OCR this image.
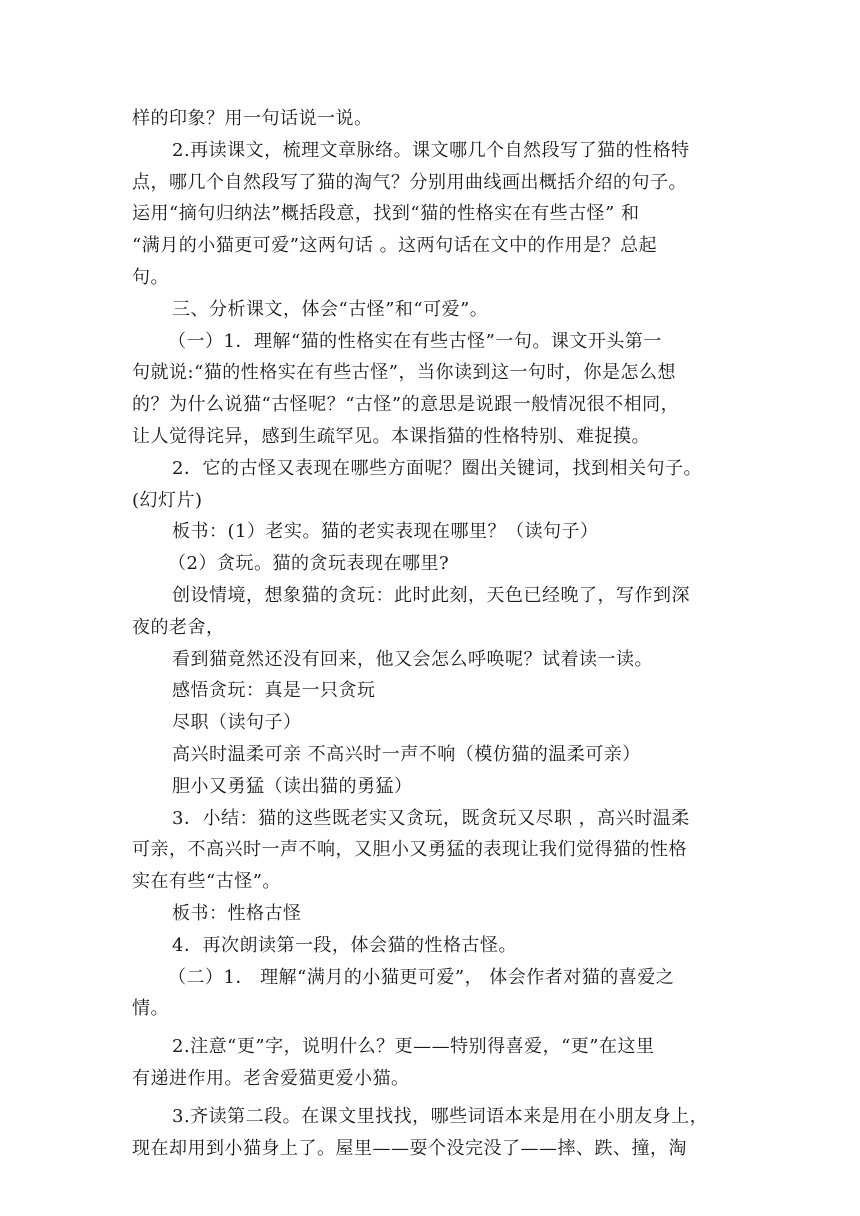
样的印象？用一句话说一说。
2.再读课文，梳理文章脉络。课文哪几个自然段写了猫的性格特
点，哪几个自然段写了猫的淘气？分别用曲线画出概括介绍的句子。
运用“摘句归纳法”概括段意，找到“猫的性格实在有些古怪” 和
“满月的小猫更可爱”这两句话 。这两句话在文中的作用是？总起
句。
三、分析课文，体会“古怪”和“可爱”。
（一）1．理解“猫的性格实在有些古怪”一句。课文开头第一
句就说:“猫的性格实在有些古怪”，当你读到这一句时，你是怎么想
的？为什么说猫“古怪呢？“古怪”的意思是说跟一般情况很不相同，
让人觉得诧异，感到生疏罕见。本课指猫的性格特别、难捉摸。
2．它的古怪又表现在哪些方面呢？圈出关键词，找到相关句子。
(幻灯片)
板书：(1）老实。猫的老实表现在哪里？（读句子）
（2）贪玩。猫的贪玩表现在哪里?
创设情境，想象猫的贪玩：此时此刻，天色已经晚了，写作到深
夜的老舍，
看到猫竟然还没有回来，他又会怎么呼唤呢？试着读一读。
感悟贪玩：真是一只贪玩
尽职（读句子）
高兴时温柔可亲 不高兴时一声不响（模仿猫的温柔可亲）
胆小又勇猛（读出猫的勇猛）
3．小结：猫的这些既老实又贪玩，既贪玩又尽职 ，高兴时温柔
可亲，不高兴时一声不响，又胆小又勇猛的表现让我们觉得猫的性格
实在有些“古怪”。
板书：性格古怪
4．再次朗读第一段，体会猫的性格古怪。
（二）1． 理解“满月的小猫更可爱”， 体会作者对猫的喜爱之
情。
2.注意“更”字，说明什么？更——特别得喜爱，“更”在这里
有递进作用。老舍爱猫更爱小猫。
3.齐读第二段。在课文里找找，哪些词语本来是用在小朋友身上，
现在却用到小猫身上了。屋里——耍个没完没了——摔、跌、撞，淘
